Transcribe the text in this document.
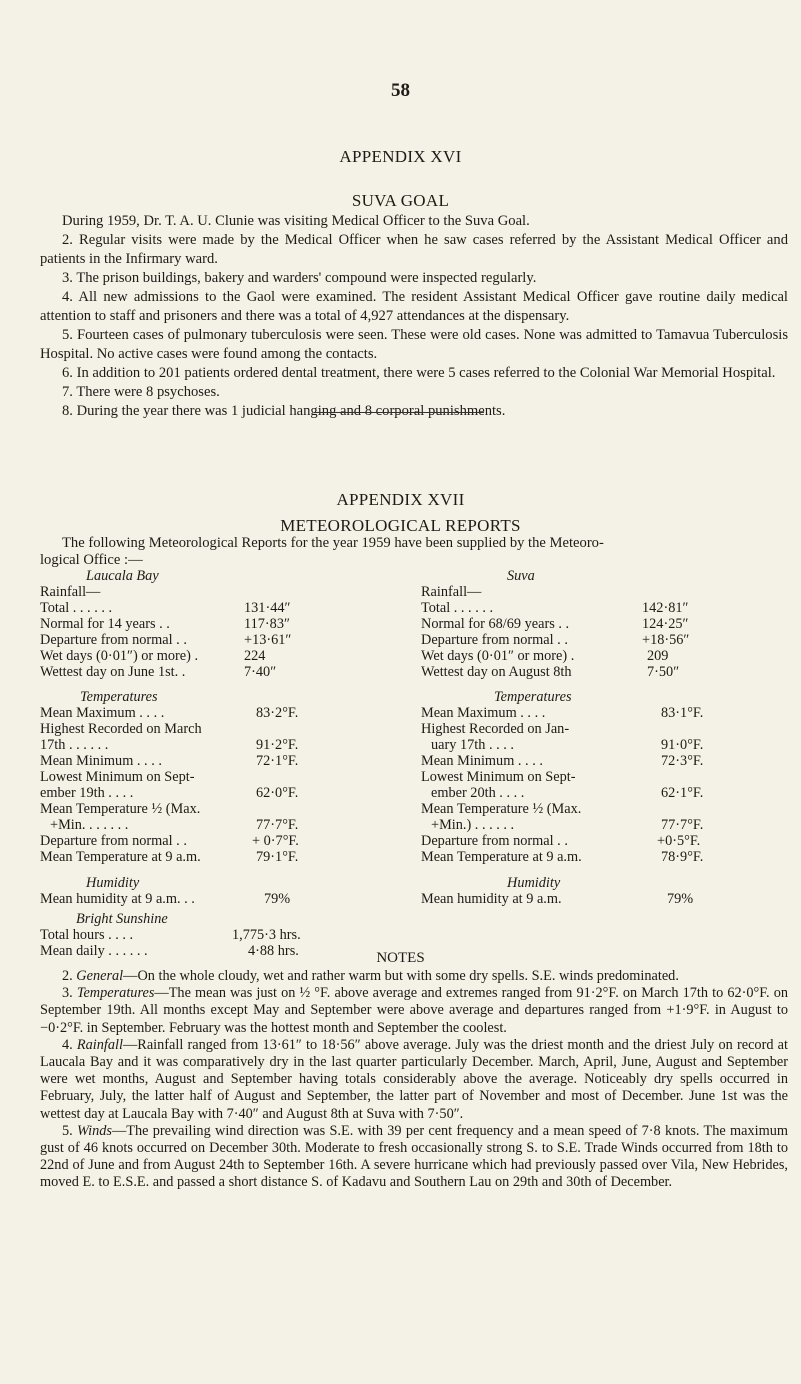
58
APPENDIX XVI
SUVA GOAL

During 1959, Dr. T. A. U. Clunie was visiting Medical Officer to the Suva Goal.

2. Regular visits were made by the Medical Officer when he saw cases referred by the Assistant Medical Officer and patients in the Infirmary ward.

3. The prison buildings, bakery and warders' compound were inspected regularly.

4. All new admissions to the Gaol were examined. The resident Assistant Medical Officer gave routine daily medical attention to staff and prisoners and there was a total of 4,927 attendances at the dispensary.

5. Fourteen cases of pulmonary tuberculosis were seen. These were old cases. None was admitted to Tamavua Tuberculosis Hospital. No active cases were found among the contacts.

6. In addition to 201 patients ordered dental treatment, there were 5 cases referred to the Colonial War Memorial Hospital.

7. There were 8 psychoses.

8. During the year there was 1 judicial hanging and 8 corporal punishments.

APPENDIX XVII
METEOROLOGICAL REPORTS
The following Meteorological Reports for the year 1959 have been supplied by the Meteoro-
logical Office :—
Laucala Bay
Rainfall—
Total . . . . . .	131·44″
Normal for 14 years . .	117·83″
Departure from normal . .	+13·61″
Wet days (0·01″) or more) .	224
Wettest day on June 1st. .	7·40″
Temperatures
Mean Maximum . . . .	83·2°F.
Highest Recorded on March
17th . . . . . .	91·2°F.
Mean Minimum . . . .	72·1°F.
Lowest Minimum on Sept-
ember 19th . . . .	62·0°F.
Mean Temperature ½ (Max.
+Min. . . . . . .	77·7°F.
Departure from normal . .	+ 0·7°F.
Mean Temperature at 9 a.m.	79·1°F.
Humidity
Mean humidity at 9 a.m. . .	79%
Bright Sunshine
Total hours . . . .	1,775·3 hrs.
Mean daily . . . . . .	4·88 hrs.
Suva
Rainfall—
Total . . . . . .	142·81″
Normal for 68/69 years . .	124·25″
Departure from normal . .	+18·56″
Wet days (0·01″ or more) .	209
Wettest day on August 8th	7·50″
Temperatures
Mean Maximum . . . .	83·1°F.
Highest Recorded on Jan-
uary 17th . . . .	91·0°F.
Mean Minimum . . . .	72·3°F.
Lowest Minimum on Sept-
ember 20th . . . .	62·1°F.
Mean Temperature ½ (Max.
+Min.) . . . . . .	77·7°F.
Departure from normal . .	+0·5°F.
Mean Temperature at 9 a.m.	78·9°F.
Humidity
Mean humidity at 9 a.m.	79%
NOTES

2. General—On the whole cloudy, wet and rather warm but with some dry spells. S.E. winds predominated.

3. Temperatures—The mean was just on ½ °F. above average and extremes ranged from 91·2°F. on March 17th to 62·0°F. on September 19th. All months except May and September were above average and departures ranged from +1·9°F. in August to −0·2°F. in September. February was the hottest month and September the coolest.

4. Rainfall—Rainfall ranged from 13·61″ to 18·56″ above average. July was the driest month and the driest July on record at Laucala Bay and it was comparatively dry in the last quarter particularly December. March, April, June, August and September were wet months, August and September having totals considerably above the average. Noticeably dry spells occurred in February, July, the latter half of August and September, the latter part of November and most of December. June 1st was the wettest day at Laucala Bay with 7·40″ and August 8th at Suva with 7·50″.

5. Winds—The prevailing wind direction was S.E. with 39 per cent frequency and a mean speed of 7·8 knots. The maximum gust of 46 knots occurred on December 30th. Moderate to fresh occasionally strong S. to S.E. Trade Winds occurred from 18th to 22nd of June and from August 24th to September 16th. A severe hurricane which had previously passed over Vila, New Hebrides, moved E. to E.S.E. and passed a short distance S. of Kadavu and Southern Lau on 29th and 30th of December.
